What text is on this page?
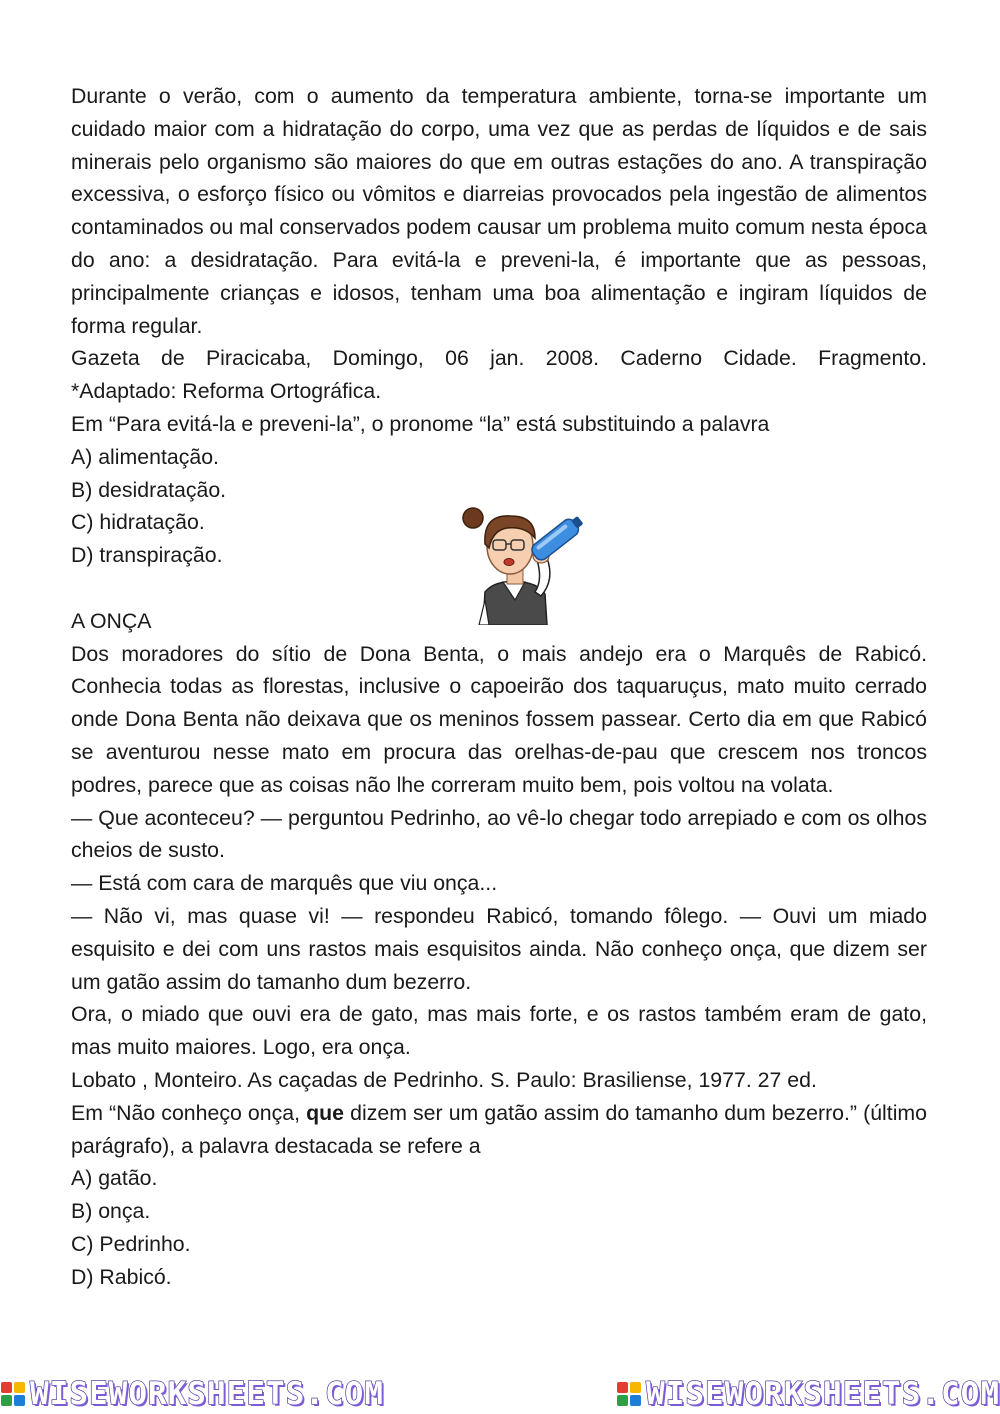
Durante o verão, com o aumento da temperatura ambiente, torna-se importante um cuidado maior com a hidratação do corpo, uma vez que as perdas de líquidos e de sais minerais pelo organismo são maiores do que em outras estações do ano. A transpiração excessiva, o esforço físico ou vômitos e diarreias provocados pela ingestão de alimentos contaminados ou mal conservados podem causar um problema muito comum nesta época do ano: a desidratação. Para evitá-la e preveni-la, é importante que as pessoas, principalmente crianças e idosos, tenham uma boa alimentação e ingiram líquidos de forma regular.

Gazeta de Piracicaba, Domingo, 06 jan. 2008. Caderno Cidade. Fragmento.

*Adaptado: Reforma Ortográfica.

Em “Para evitá-la e preveni-la”, o pronome “la” está substituindo a palavra

A) alimentação.

B) desidratação.

C) hidratação.

D) transpiração.

A ONÇA

Dos moradores do sítio de Dona Benta, o mais andejo era o Marquês de Rabicó. Conhecia todas as florestas, inclusive o capoeirão dos taquaruçus, mato muito cerrado onde Dona Benta não deixava que os meninos fossem passear. Certo dia em que Rabicó se aventurou nesse mato em procura das orelhas-de-pau que crescem nos troncos podres, parece que as coisas não lhe correram muito bem, pois voltou na volata.

— Que aconteceu? — perguntou Pedrinho, ao vê-lo chegar todo arrepiado e com os olhos cheios de susto.

— Está com cara de marquês que viu onça...

— Não vi, mas quase vi! — respondeu Rabicó, tomando fôlego. — Ouvi um miado esquisito e dei com uns rastos mais esquisitos ainda. Não conheço onça, que dizem ser um gatão assim do tamanho dum bezerro.

Ora, o miado que ouvi era de gato, mas mais forte, e os rastos também eram de gato, mas muito maiores. Logo, era onça.

Lobato , Monteiro. As caçadas de Pedrinho. S. Paulo: Brasiliense, 1977. 27 ed.

Em “Não conheço onça, que dizem ser um gatão assim do tamanho dum bezerro.” (último parágrafo), a palavra destacada se refere a

A) gatão.

B) onça.

C) Pedrinho.

D) Rabicó.

WISEWORKSHEETS.COM	WISEWORKSHEETS.COM
